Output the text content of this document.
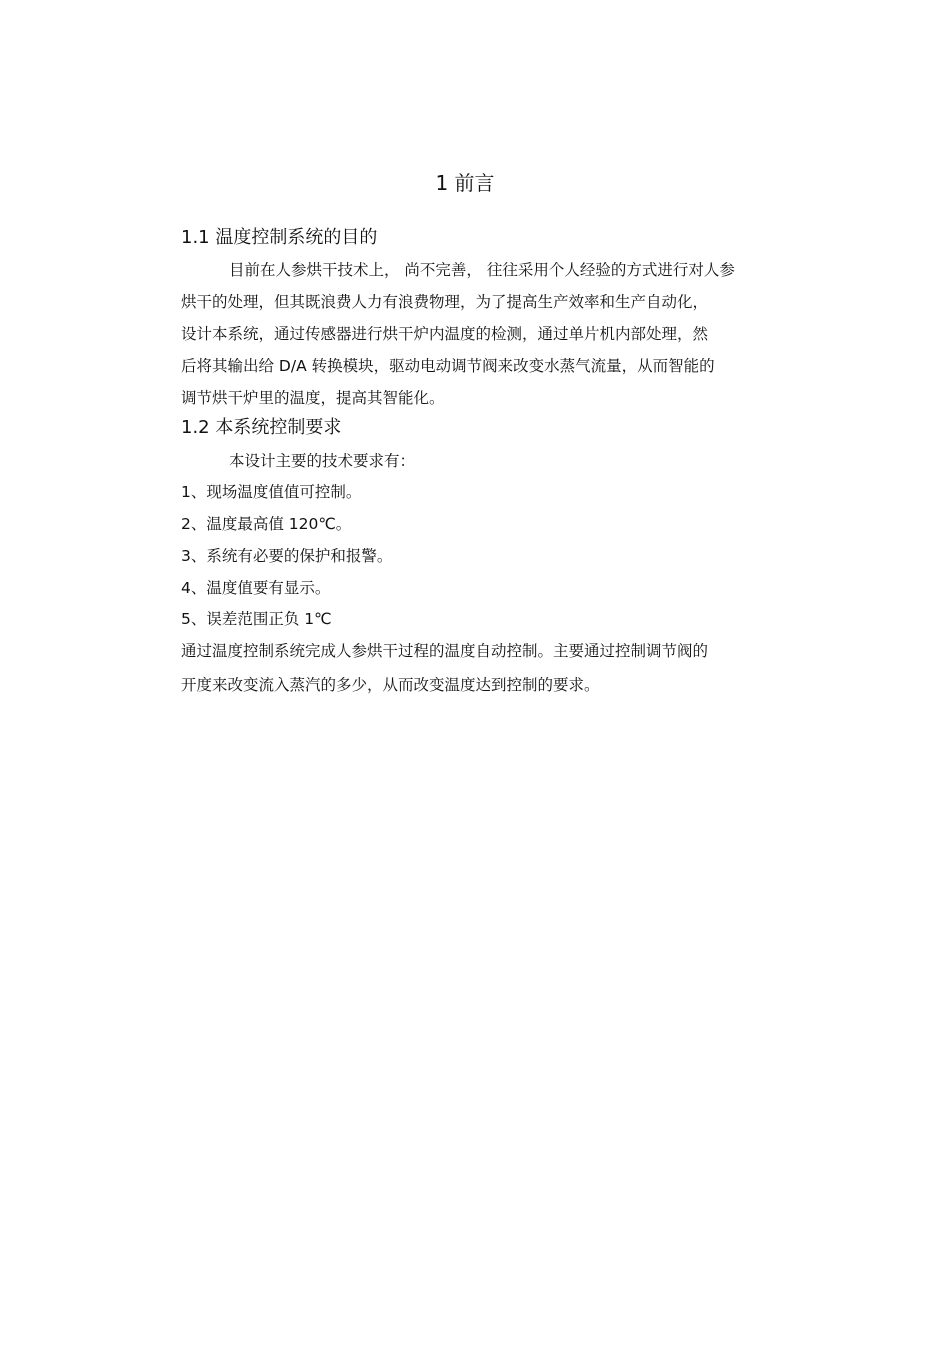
1 前言
1.1 温度控制系统的目的
目前在人参烘干技术上， 尚不完善， 往往采用个人经验的方式进行对人参
烘干的处理，但其既浪费人力有浪费物理，为了提高生产效率和生产自动化，
设计本系统，通过传感器进行烘干炉内温度的检测，通过单片机内部处理，然
后将其输出给 D/A 转换模块，驱动电动调节阀来改变水蒸气流量，从而智能的
调节烘干炉里的温度，提高其智能化。
1.2 本系统控制要求
本设计主要的技术要求有：
1、现场温度值值可控制。
2、温度最高值 120℃。
3、系统有必要的保护和报警。
4、温度值要有显示。
5、误差范围正负 1℃
通过温度控制系统完成人参烘干过程的温度自动控制。主要通过控制调节阀的
开度来改变流入蒸汽的多少，从而改变温度达到控制的要求。
